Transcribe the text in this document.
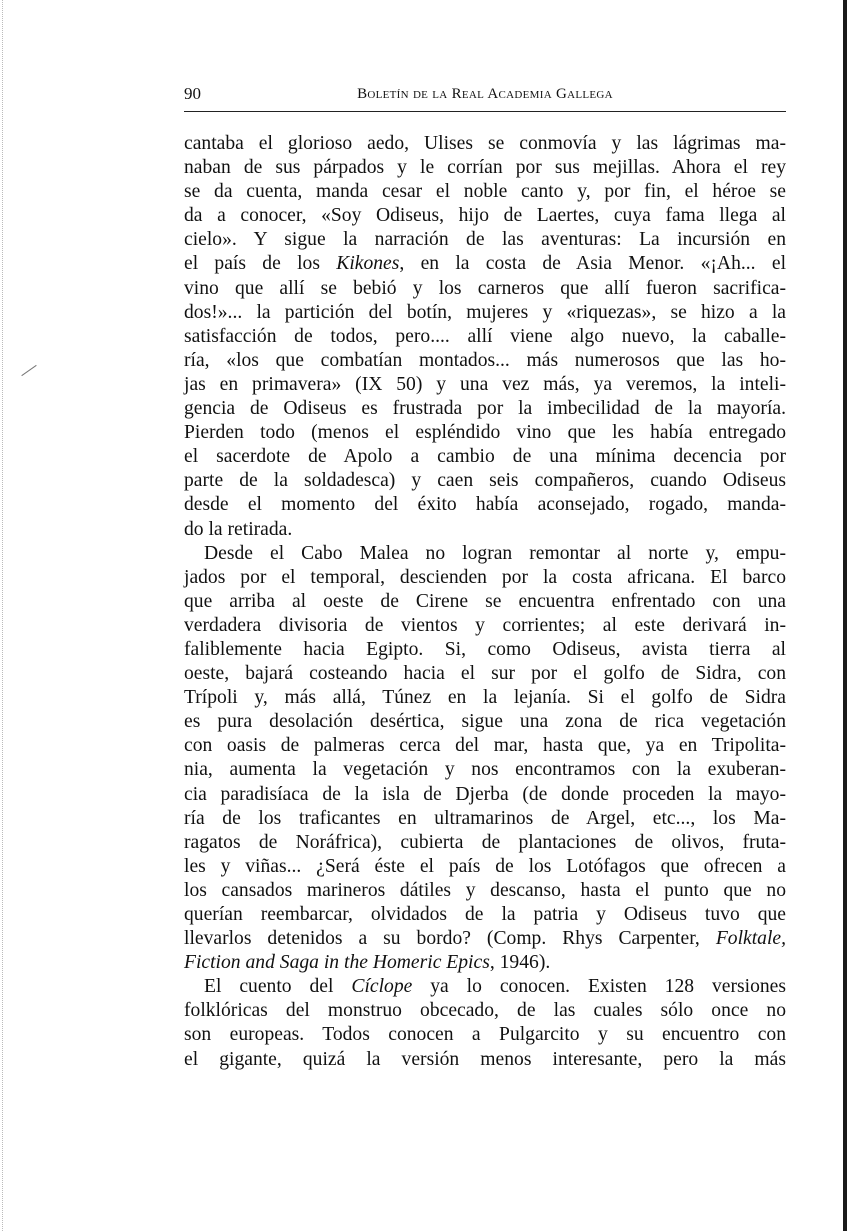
90	Boletín de la Real Academia Gallega
cantaba el glorioso aedo, Ulises se conmovía y las lágrimas ma-
naban de sus párpados y le corrían por sus mejillas. Ahora el rey
se da cuenta, manda cesar el noble canto y, por fin, el héroe se
da a conocer, «Soy Odiseus, hijo de Laertes, cuya fama llega al
cielo». Y sigue la narración de las aventuras: La incursión en
el país de los Kikones, en la costa de Asia Menor. «¡Ah... el
vino que allí se bebió y los carneros que allí fueron sacrifica-
dos!»... la partición del botín, mujeres y «riquezas», se hizo a la
satisfacción de todos, pero.... allí viene algo nuevo, la caballe-
ría, «los que combatían montados... más numerosos que las ho-
jas en primavera» (IX 50) y una vez más, ya veremos, la inteli-
gencia de Odiseus es frustrada por la imbecilidad de la mayoría.
Pierden todo (menos el espléndido vino que les había entregado
el sacerdote de Apolo a cambio de una mínima decencia por
parte de la soldadesca) y caen seis compañeros, cuando Odiseus
desde el momento del éxito había aconsejado, rogado, manda-
do la retirada.
Desde el Cabo Malea no logran remontar al norte y, empu-
jados por el temporal, descienden por la costa africana. El barco
que arriba al oeste de Cirene se encuentra enfrentado con una
verdadera divisoria de vientos y corrientes; al este derivará in-
faliblemente hacia Egipto. Si, como Odiseus, avista tierra al
oeste, bajará costeando hacia el sur por el golfo de Sidra, con
Trípoli y, más allá, Túnez en la lejanía. Si el golfo de Sidra
es pura desolación desértica, sigue una zona de rica vegetación
con oasis de palmeras cerca del mar, hasta que, ya en Tripolita-
nia, aumenta la vegetación y nos encontramos con la exuberan-
cia paradisíaca de la isla de Djerba (de donde proceden la mayo-
ría de los traficantes en ultramarinos de Argel, etc..., los Ma-
ragatos de Noráfrica), cubierta de plantaciones de olivos, fruta-
les y viñas... ¿Será éste el país de los Lotófagos que ofrecen a
los cansados marineros dátiles y descanso, hasta el punto que no
querían reembarcar, olvidados de la patria y Odiseus tuvo que
llevarlos detenidos a su bordo? (Comp. Rhys Carpenter, Folktale,
Fiction and Saga in the Homeric Epics, 1946).
El cuento del Cíclope ya lo conocen. Existen 128 versiones
folklóricas del monstruo obcecado, de las cuales sólo once no
son europeas. Todos conocen a Pulgarcito y su encuentro con
el gigante, quizá la versión menos interesante, pero la más
